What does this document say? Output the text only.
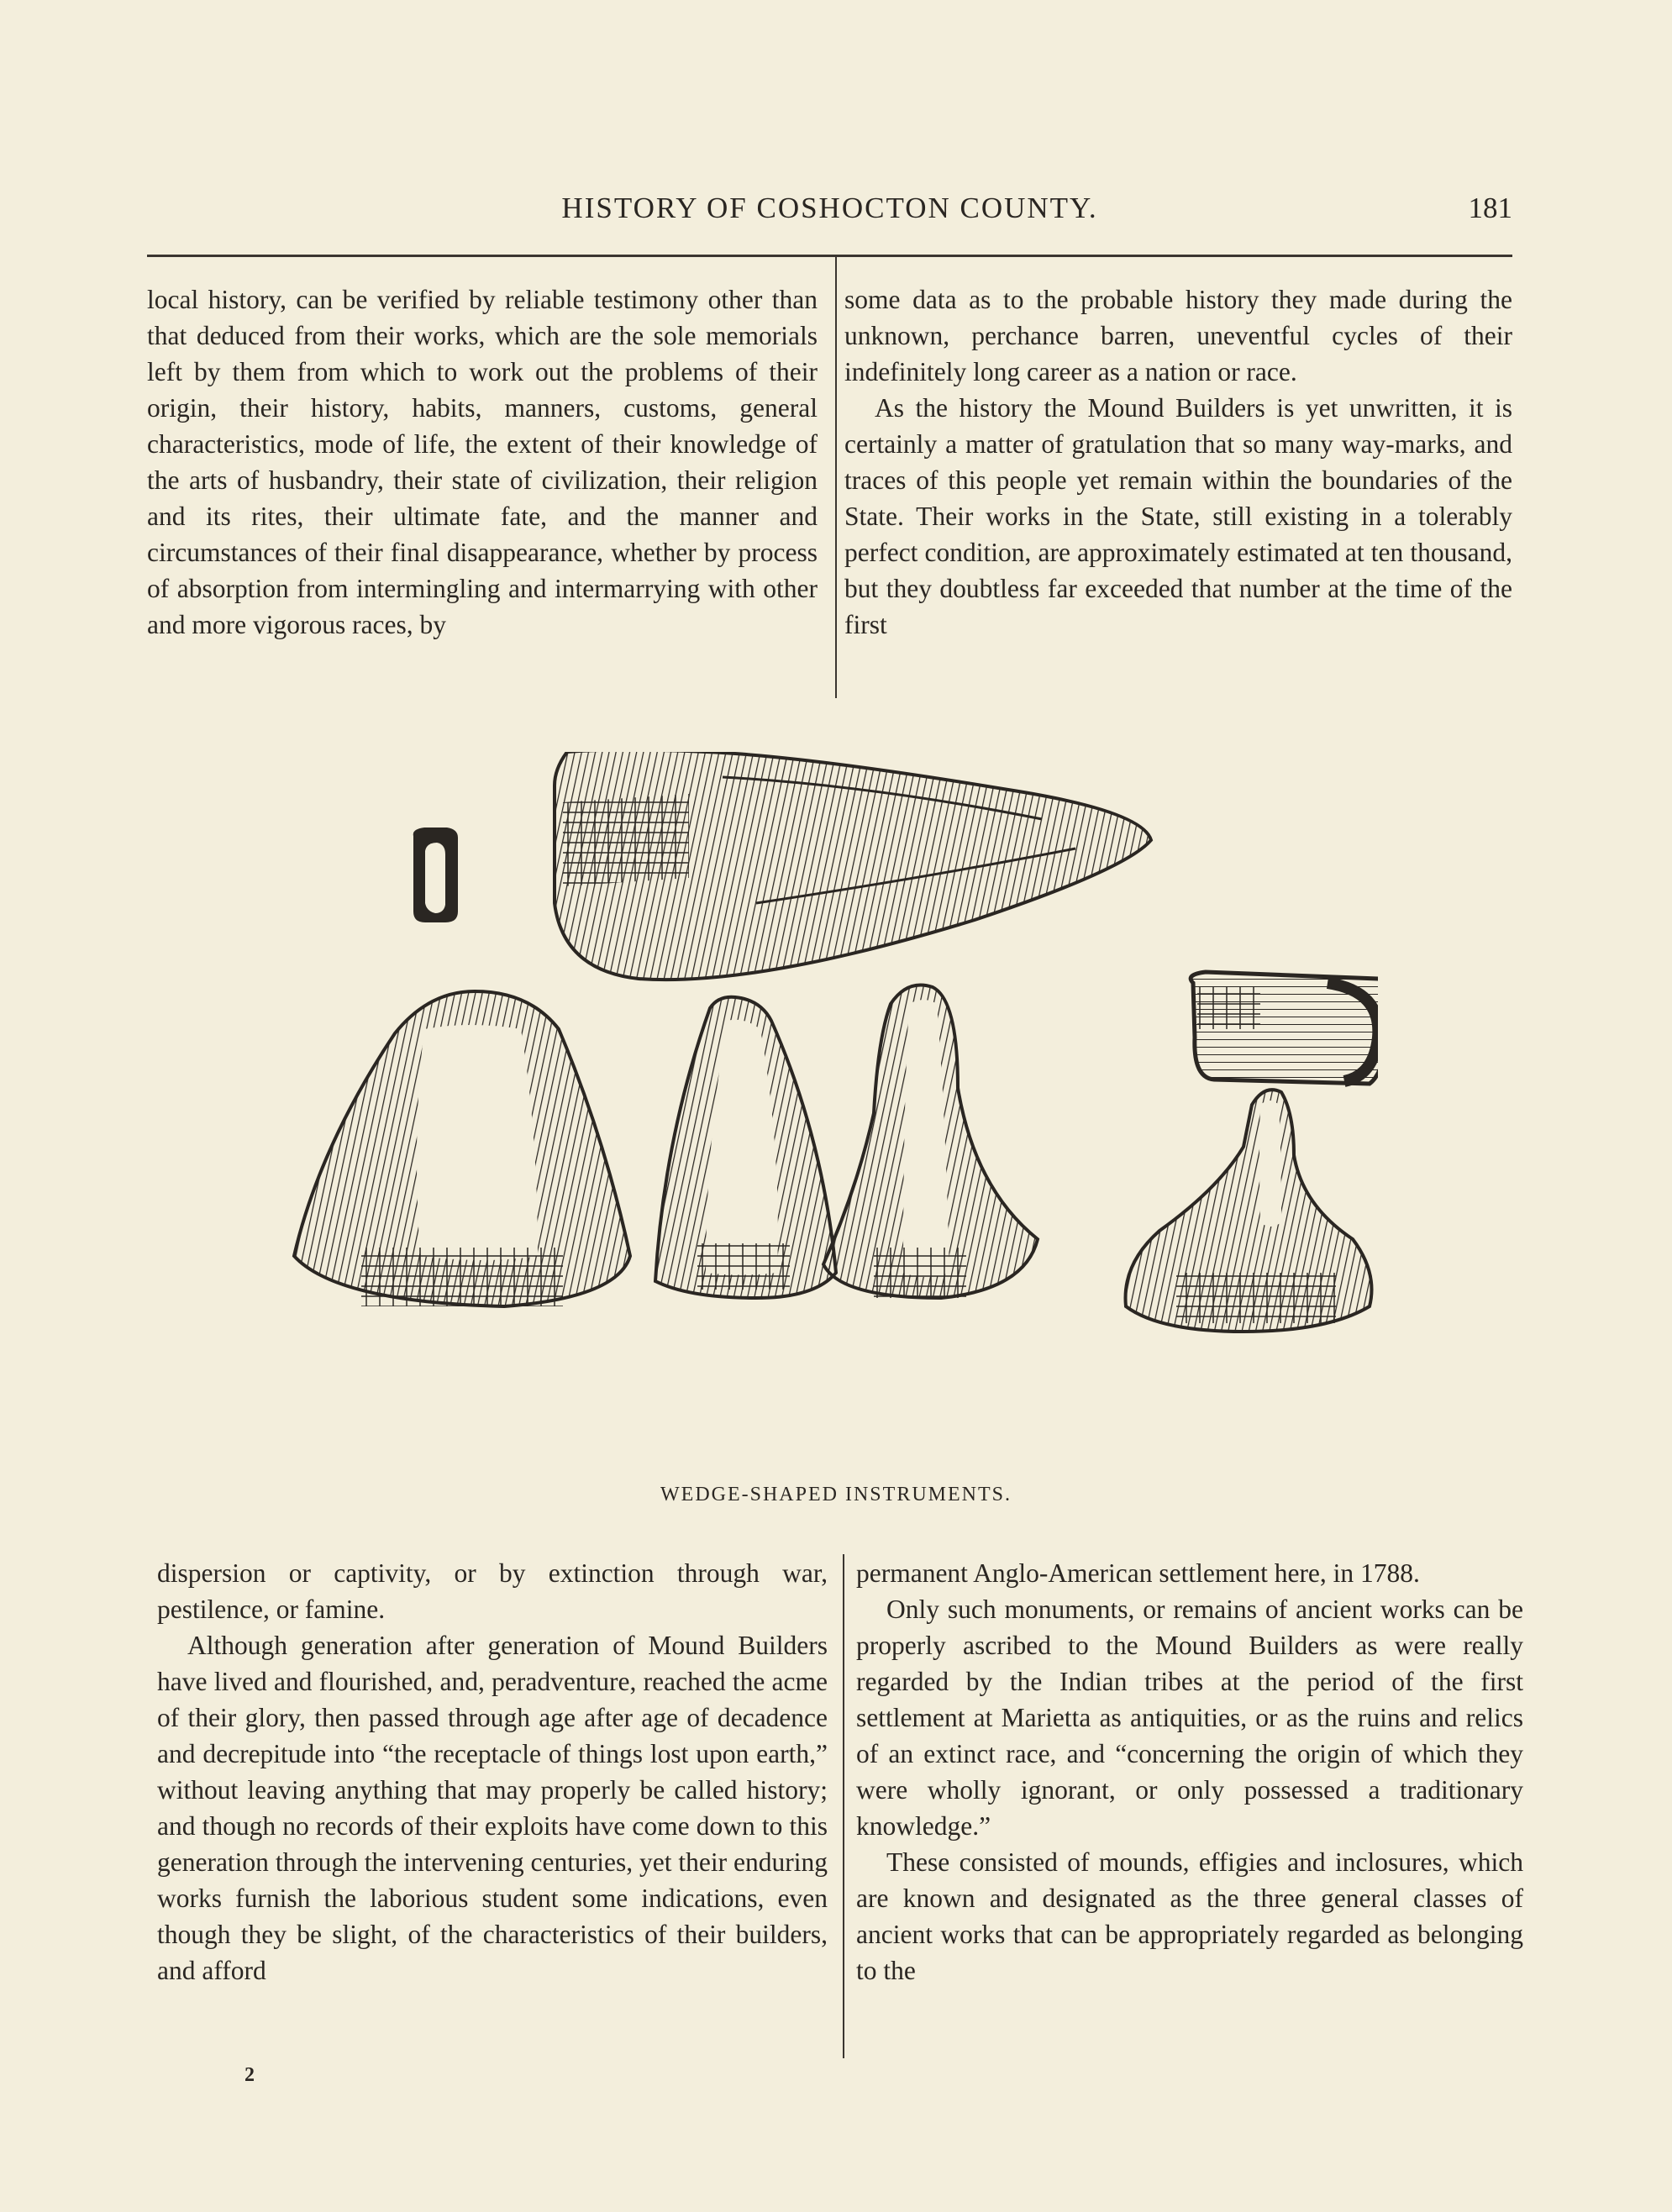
HISTORY OF COSHOCTON COUNTY.	181

local history, can be verified by reliable testimony other than that deduced from their works, which are the sole memorials left by them from which to work out the problems of their origin, their history, habits, manners, customs, general characteristics, mode of life, the extent of their knowledge of the arts of husbandry, their state of civilization, their religion and its rites, their ultimate fate, and the manner and circumstances of their final disappearance, whether by process of absorption from intermingling and intermarrying with other and more vigorous races, by

some data as to the probable history they made during the unknown, perchance barren, uneventful cycles of their indefinitely long career as a nation or race.

As the history the Mound Builders is yet unwritten, it is certainly a matter of gratulation that so many way-marks, and traces of this people yet remain within the boundaries of the State. Their works in the State, still existing in a tolerably perfect condition, are approximately estimated at ten thousand, but they doubtless far exceeded that number at the time of the first

WEDGE-SHAPED INSTRUMENTS.

dispersion or captivity, or by extinction through war, pestilence, or famine.

Although generation after generation of Mound Builders have lived and flourished, and, peradventure, reached the acme of their glory, then passed through age after age of decadence and decrepitude into “the receptacle of things lost upon earth,” without leaving anything that may properly be called history; and though no records of their exploits have come down to this generation through the intervening centuries, yet their enduring works furnish the laborious student some indications, even though they be slight, of the characteristics of their builders, and afford

permanent Anglo-American settlement here, in 1788.

Only such monuments, or remains of ancient works can be properly ascribed to the Mound Builders as were really regarded by the Indian tribes at the period of the first settlement at Marietta as antiquities, or as the ruins and relics of an extinct race, and “concerning the origin of which they were wholly ignorant, or only possessed a traditionary knowledge.”

These consisted of mounds, effigies and inclosures, which are known and designated as the three general classes of ancient works that can be appropriately regarded as belonging to the

2
